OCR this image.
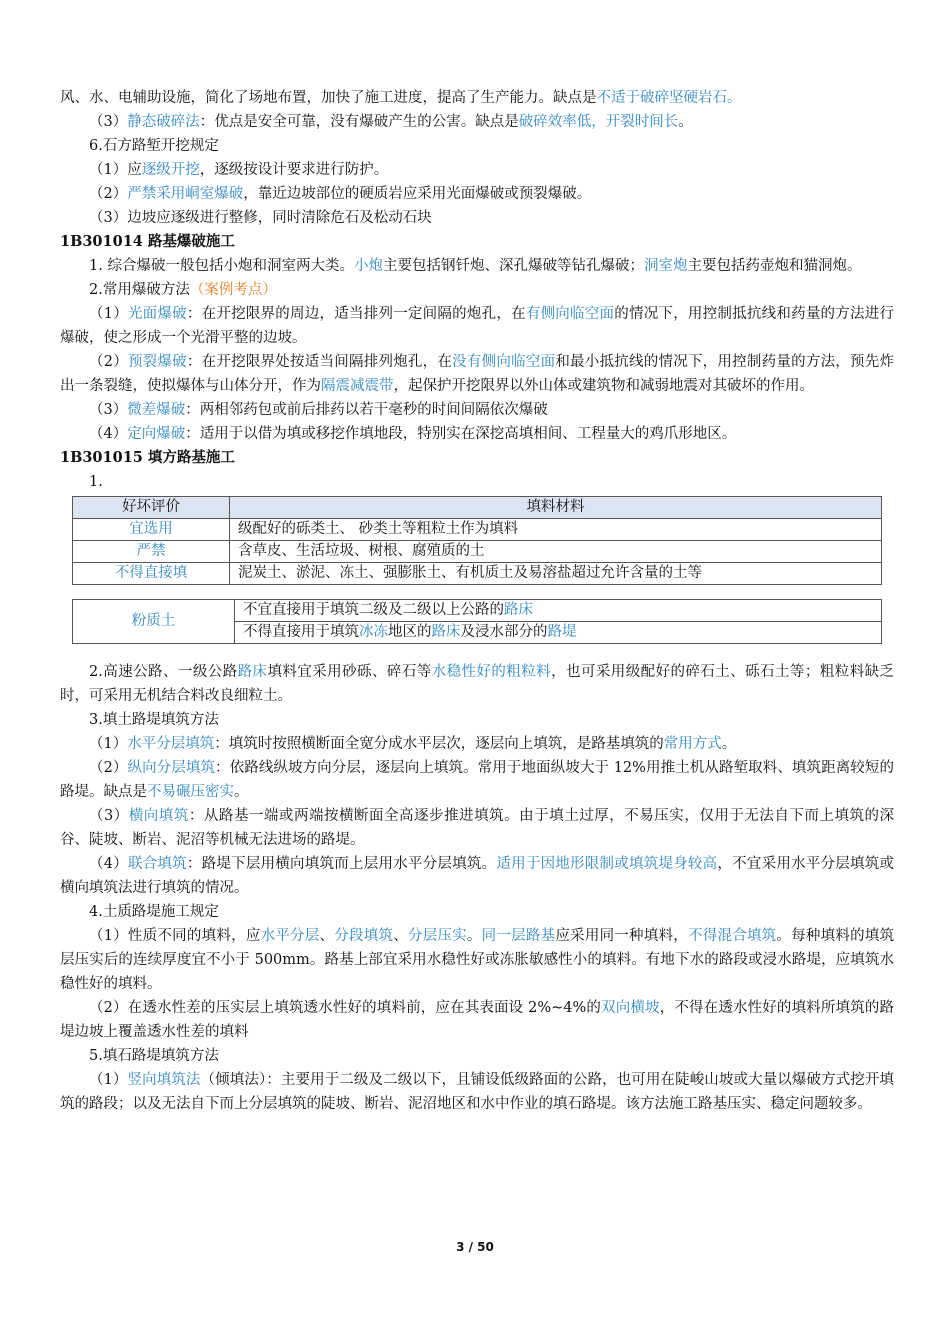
风、水、电辅助设施，简化了场地布置，加快了施工进度，提高了生产能力。缺点是不适于破碎坚硬岩石。

（3）静态破碎法：优点是安全可靠，没有爆破产生的公害。缺点是破碎效率低，开裂时间长。

6.石方路堑开挖规定

（1）应逐级开挖，逐级按设计要求进行防护。

（2）严禁采用峒室爆破，靠近边坡部位的硬质岩应采用光面爆破或预裂爆破。

（3）边坡应逐级进行整修，同时清除危石及松动石块

1B301014 路基爆破施工

1. 综合爆破一般包括小炮和洞室两大类。小炮主要包括钢钎炮、深孔爆破等钻孔爆破；洞室炮主要包括药壶炮和猫洞炮。

2.常用爆破方法（案例考点）

（1）光面爆破：在开挖限界的周边，适当排列一定间隔的炮孔，在有侧向临空面的情况下，用控制抵抗线和药量的方法进行爆破，使之形成一个光滑平整的边坡。

（2）预裂爆破：在开挖限界处按适当间隔排列炮孔，在没有侧向临空面和最小抵抗线的情况下，用控制药量的方法，预先炸出一条裂缝，使拟爆体与山体分开，作为隔震减震带，起保护开挖限界以外山体或建筑物和减弱地震对其破坏的作用。

（3）微差爆破：两相邻药包或前后排药以若干毫秒的时间间隔依次爆破

（4）定向爆破：适用于以借为填或移挖作填地段，特别实在深挖高填相间、工程量大的鸡爪形地区。

1B301015 填方路基施工

1.

好坏评价	填料材料
宜选用	级配好的砾类土、 砂类土等粗粒土作为填料
严禁	含草皮、生活垃圾、树根、腐殖质的土
不得直接填	泥炭土、淤泥、冻土、强膨胀土、有机质土及易溶盐超过允许含量的土等
粉质土	不宜直接用于填筑二级及二级以上公路的路床
不得直接用于填筑冰冻地区的路床及浸水部分的路堤

2.高速公路、一级公路路床填料宜采用砂砾、碎石等水稳性好的粗粒料，也可采用级配好的碎石土、砾石土等；粗粒料缺乏时，可采用无机结合料改良细粒土。

3.填土路堤填筑方法

（1）水平分层填筑：填筑时按照横断面全宽分成水平层次，逐层向上填筑，是路基填筑的常用方式。

（2）纵向分层填筑：依路线纵坡方向分层，逐层向上填筑。常用于地面纵坡大于 12%用推土机从路堑取料、填筑距离较短的路堤。缺点是不易碾压密实。

（3）横向填筑：从路基一端或两端按横断面全高逐步推进填筑。由于填土过厚，不易压实，仅用于无法自下而上填筑的深谷、陡坡、断岩、泥沼等机械无法进场的路堤。

（4）联合填筑：路堤下层用横向填筑而上层用水平分层填筑。适用于因地形限制或填筑堤身较高，不宜采用水平分层填筑或横向填筑法进行填筑的情况。

4.土质路堤施工规定

（1）性质不同的填料，应水平分层、分段填筑、分层压实。同一层路基应采用同一种填料，不得混合填筑。每种填料的填筑层压实后的连续厚度宜不小于 500mm。路基上部宜采用水稳性好或冻胀敏感性小的填料。有地下水的路段或浸水路堤，应填筑水稳性好的填料。

（2）在透水性差的压实层上填筑透水性好的填料前，应在其表面设 2%~4%的双向横坡，不得在透水性好的填料所填筑的路堤边坡上覆盖透水性差的填料

5.填石路堤填筑方法

（1）竖向填筑法（倾填法）：主要用于二级及二级以下，且铺设低级路面的公路，也可用在陡峻山坡或大量以爆破方式挖开填筑的路段；以及无法自下而上分层填筑的陡坡、断岩、泥沼地区和水中作业的填石路堤。该方法施工路基压实、稳定问题较多。

3 / 50
